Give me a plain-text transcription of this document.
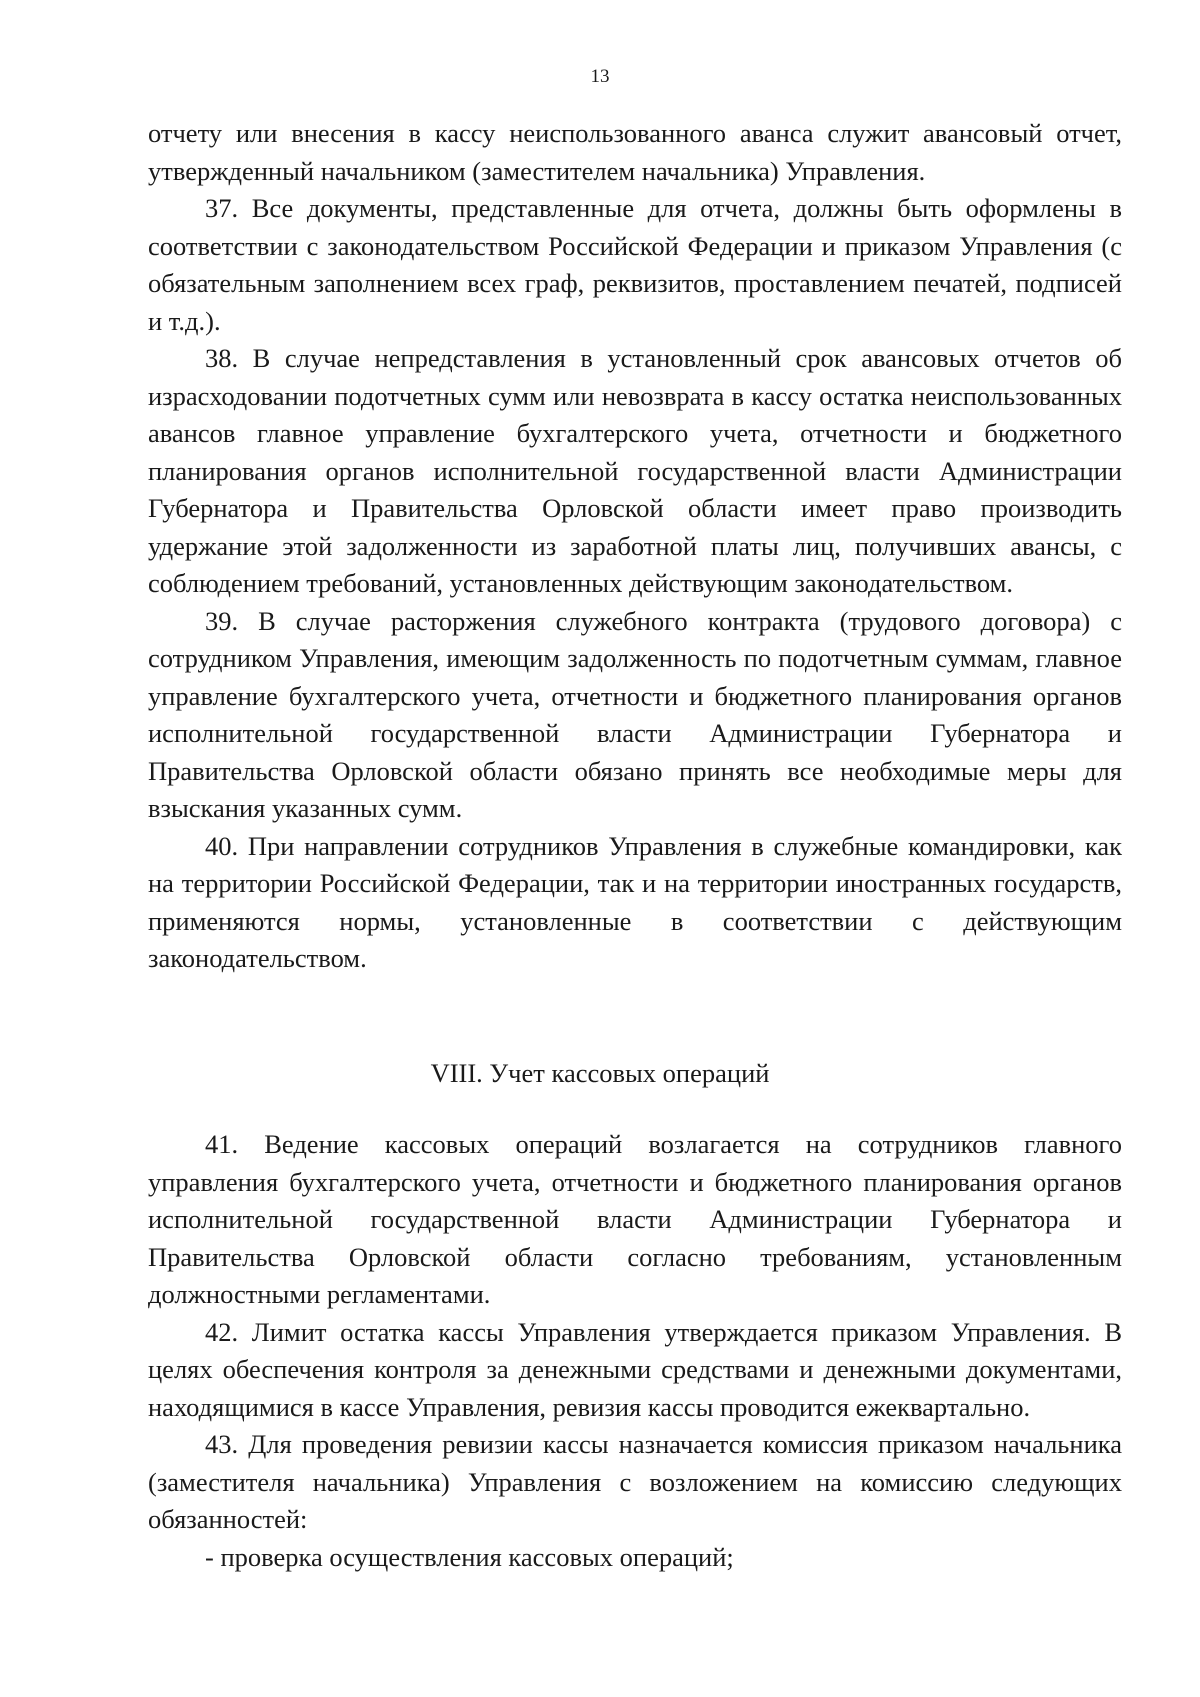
13

отчету или внесения в кассу неиспользованного аванса служит авансовый отчет, утвержденный начальником (заместителем начальника) Управления.

37. Все документы, представленные для отчета, должны быть оформлены в соответствии с законодательством Российской Федерации и приказом Управления (с обязательным заполнением всех граф, реквизитов, проставлением печатей, подписей и т.д.).

38. В случае непредставления в установленный срок авансовых отчетов об израсходовании подотчетных сумм или невозврата в кассу остатка неиспользованных авансов главное управление бухгалтерского учета, отчетности и бюджетного планирования органов исполнительной государственной власти Администрации Губернатора и Правительства Орловской области имеет право производить удержание этой задолженности из заработной платы лиц, получивших авансы, с соблюдением требований, установленных действующим законодательством.

39. В случае расторжения служебного контракта (трудового договора) с сотрудником Управления, имеющим задолженность по подотчетным суммам, главное управление бухгалтерского учета, отчетности и бюджетного планирования органов исполнительной государственной власти Администрации Губернатора и Правительства Орловской области обязано принять все необходимые меры для взыскания указанных сумм.

40. При направлении сотрудников Управления в служебные командировки, как на территории Российской Федерации, так и на территории иностранных государств, применяются нормы, установленные в соответствии с действующим законодательством.

VIII. Учет кассовых операций

41. Ведение кассовых операций возлагается на сотрудников главного управления бухгалтерского учета, отчетности и бюджетного планирования органов исполнительной государственной власти Администрации Губернатора и Правительства Орловской области согласно требованиям, установленным должностными регламентами.

42. Лимит остатка кассы Управления утверждается приказом Управления. В целях обеспечения контроля за денежными средствами и денежными документами, находящимися в кассе Управления, ревизия кассы проводится ежеквартально.

43. Для проведения ревизии кассы назначается комиссия приказом начальника (заместителя начальника) Управления с возложением на комиссию следующих обязанностей:

- проверка осуществления кассовых операций;
